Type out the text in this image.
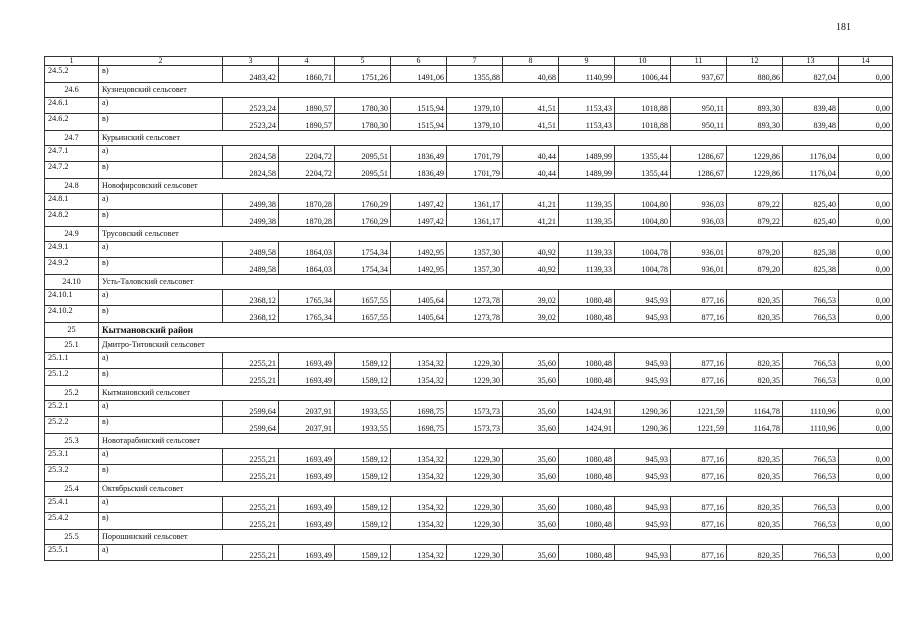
181
1	2	3	4	5	6	7	8	9	10	11	12	13	14
24.5.2	в)	2483,42	1860,71	1751,26	1491,06	1355,88	40,68	1140,99	1006,44	937,67	880,86	827,04	0,00
24.6	Кузнецовский сельсовет												
24.6.1	а)	2523,24	1890,57	1780,30	1515,94	1379,10	41,51	1153,43	1018,88	950,11	893,30	839,48	0,00
24.6.2	в)	2523,24	1890,57	1780,30	1515,94	1379,10	41,51	1153,43	1018,88	950,11	893,30	839,48	0,00
24.7	Курьинский сельсовет												
24.7.1	а)	2824,58	2204,72	2095,51	1836,49	1701,79	40,44	1489,99	1355,44	1286,67	1229,86	1176,04	0,00
24.7.2	в)	2824,58	2204,72	2095,51	1836,49	1701,79	40,44	1489,99	1355,44	1286,67	1229,86	1176,04	0,00
24.8	Новофирсовский сельсовет												
24.8.1	а)	2499,38	1870,28	1760,29	1497,42	1361,17	41,21	1139,35	1004,80	936,03	879,22	825,40	0,00
24.8.2	в)	2499,38	1870,28	1760,29	1497,42	1361,17	41,21	1139,35	1004,80	936,03	879,22	825,40	0,00
24.9	Трусовский сельсовет												
24.9.1	а)	2489,58	1864,03	1754,34	1492,95	1357,30	40,92	1139,33	1004,78	936,01	879,20	825,38	0,00
24.9.2	в)	2489,58	1864,03	1754,34	1492,95	1357,30	40,92	1139,33	1004,78	936,01	879,20	825,38	0,00
24.10	Усть-Таловский сельсовет												
24.10.1	а)	2368,12	1765,34	1657,55	1405,64	1273,78	39,02	1080,48	945,93	877,16	820,35	766,53	0,00
24.10.2	в)	2368,12	1765,34	1657,55	1405,64	1273,78	39,02	1080,48	945,93	877,16	820,35	766,53	0,00
25	Кытмановский район												
25.1	Дмитро-Титовский сельсовет												
25.1.1	а)	2255,21	1693,49	1589,12	1354,32	1229,30	35,60	1080,48	945,93	877,16	820,35	766,53	0,00
25.1.2	в)	2255,21	1693,49	1589,12	1354,32	1229,30	35,60	1080,48	945,93	877,16	820,35	766,53	0,00
25.2	Кытмановский сельсовет												
25.2.1	а)	2599,64	2037,91	1933,55	1698,75	1573,73	35,60	1424,91	1290,36	1221,59	1164,78	1110,96	0,00
25.2.2	в)	2599,64	2037,91	1933,55	1698,75	1573,73	35,60	1424,91	1290,36	1221,59	1164,78	1110,96	0,00
25.3	Новотарабинский сельсовет												
25.3.1	а)	2255,21	1693,49	1589,12	1354,32	1229,30	35,60	1080,48	945,93	877,16	820,35	766,53	0,00
25.3.2	в)	2255,21	1693,49	1589,12	1354,32	1229,30	35,60	1080,48	945,93	877,16	820,35	766,53	0,00
25.4	Октябрьский сельсовет												
25.4.1	а)	2255,21	1693,49	1589,12	1354,32	1229,30	35,60	1080,48	945,93	877,16	820,35	766,53	0,00
25.4.2	в)	2255,21	1693,49	1589,12	1354,32	1229,30	35,60	1080,48	945,93	877,16	820,35	766,53	0,00
25.5	Порошинский сельсовет												
25.5.1	а)	2255,21	1693,49	1589,12	1354,32	1229,30	35,60	1080,48	945,93	877,16	820,35	766,53	0,00
